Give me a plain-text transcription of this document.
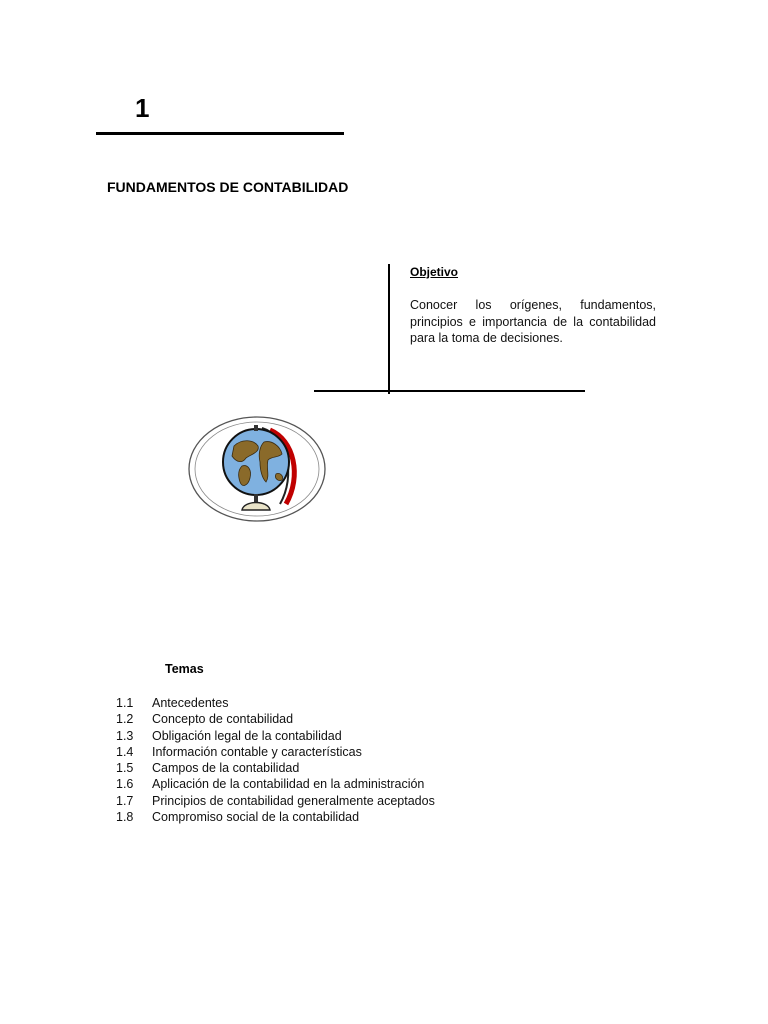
1
FUNDAMENTOS DE CONTABILIDAD
Objetivo
Conocer los orígenes, fundamentos, principios e importancia de la contabilidad para la toma de decisiones.
Temas
1.1	Antecedentes
1.2	Concepto de contabilidad
1.3	Obligación legal de la contabilidad
1.4	Información contable y características
1.5	Campos de la contabilidad
1.6	Aplicación de la contabilidad en la administración
1.7	Principios de contabilidad generalmente aceptados
1.8	Compromiso social de la contabilidad
